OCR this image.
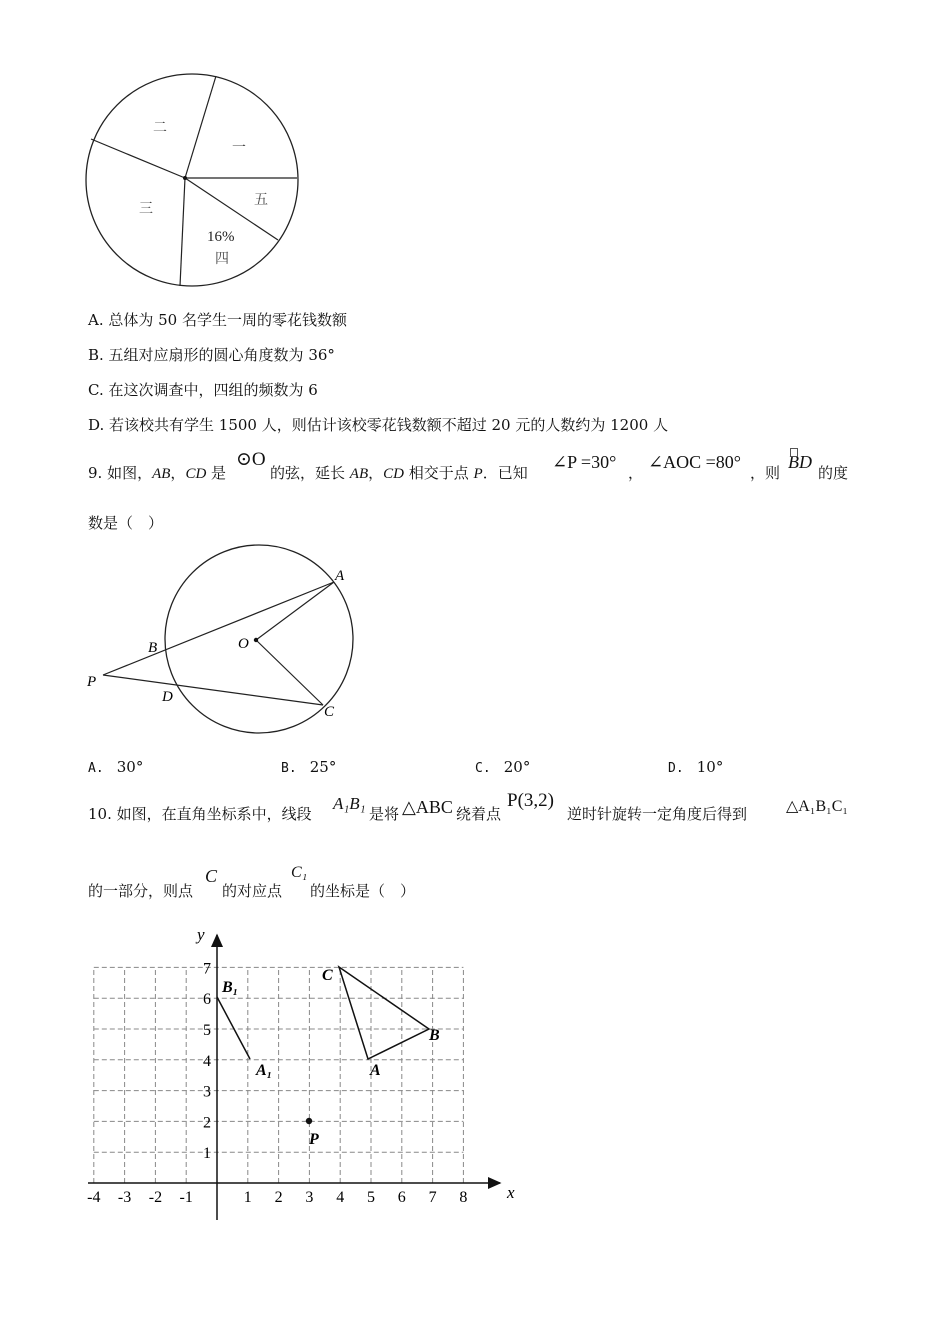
一
二
三
五
16%
四
A. 总体为 50 名学生一周的零花钱数额
B. 五组对应扇形的圆心角度数为 36°
C. 在这次调查中，四组的频数为 6
D. 若该校共有学生 1500 人，则估计该校零花钱数额不超过 20 元的人数约为 1200 人
9. 如图，AB，CD 是
⊙O
的弦，延长 AB，CD 相交于点 P．已知
∠P =30°
，
∠AOC =80°
，则
BD
的度
数是（　）
A
B	O
P
D
C
A. 30°	B. 25°	C. 20°	D. 10°
10. 如图，在直角坐标系中，线段
A₁B₁
是将 △ABC 绕着点
P(3,2)
逆时针旋转一定角度后得到 △A₁B₁C₁
的一部分，则点
C
的对应点
C₁
的坐标是（　）
x
y
-4 -3 -2 -1	1 2 3 4 5 6 7 8
1
2
3
4
5
6
7
B₁
A₁
C
B
A
P
